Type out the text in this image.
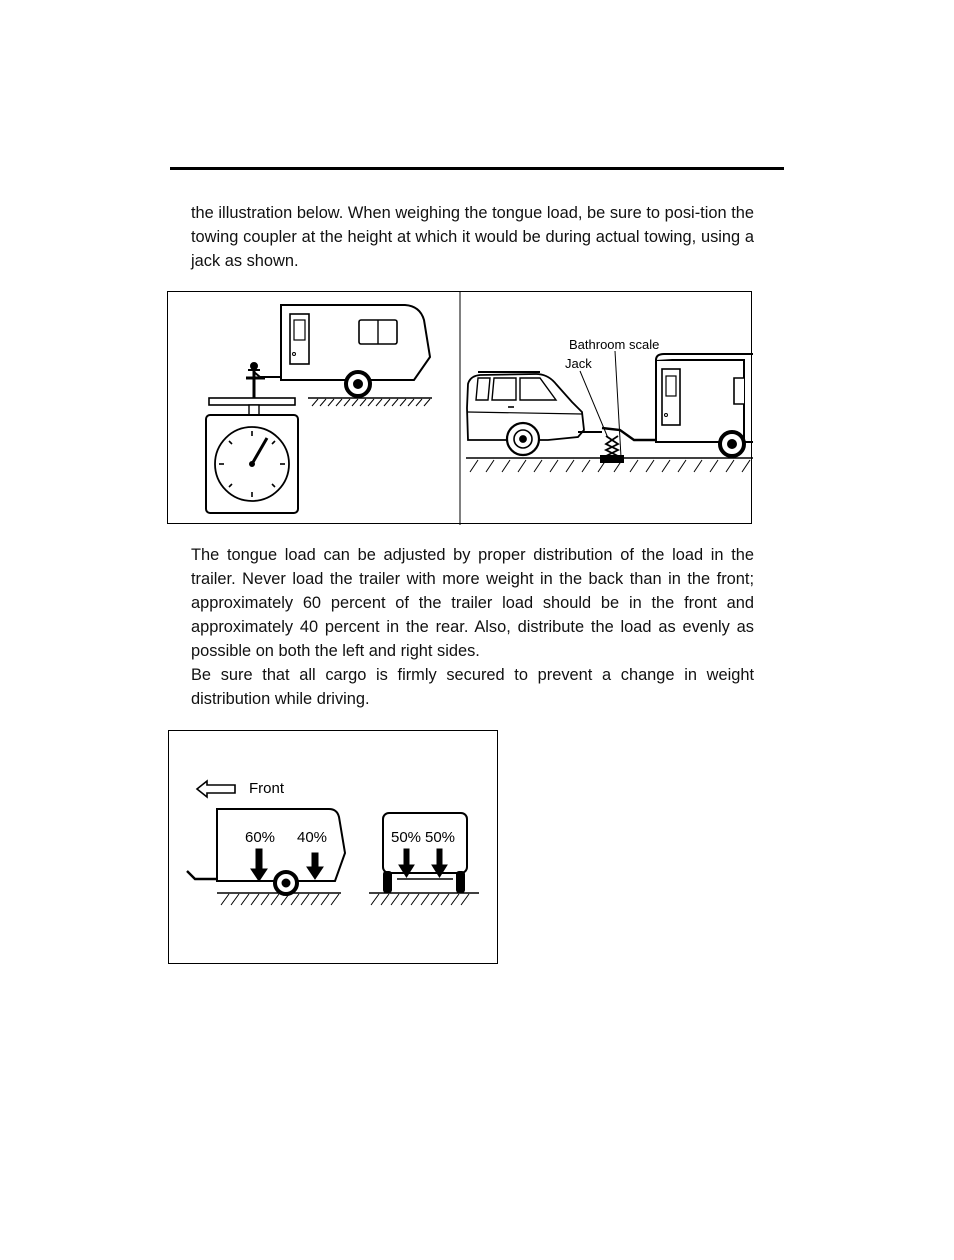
the illustration below. When weighing the tongue load, be sure to posi-tion the towing coupler at the height at which it would be during actual towing, using a jack as shown.

Bathroom scale
Jack

The tongue load can be adjusted by proper distribution of the load in the trailer. Never load the trailer with more weight in the back than in the front; approximately 60 percent of the trailer load should be in the front and approximately 40 percent in the rear. Also, distribute the load as evenly as possible on both the left and right sides.

Be sure that all cargo is firmly secured to prevent a change in weight distribution while driving.

Front
60% 40%	50% 50%
